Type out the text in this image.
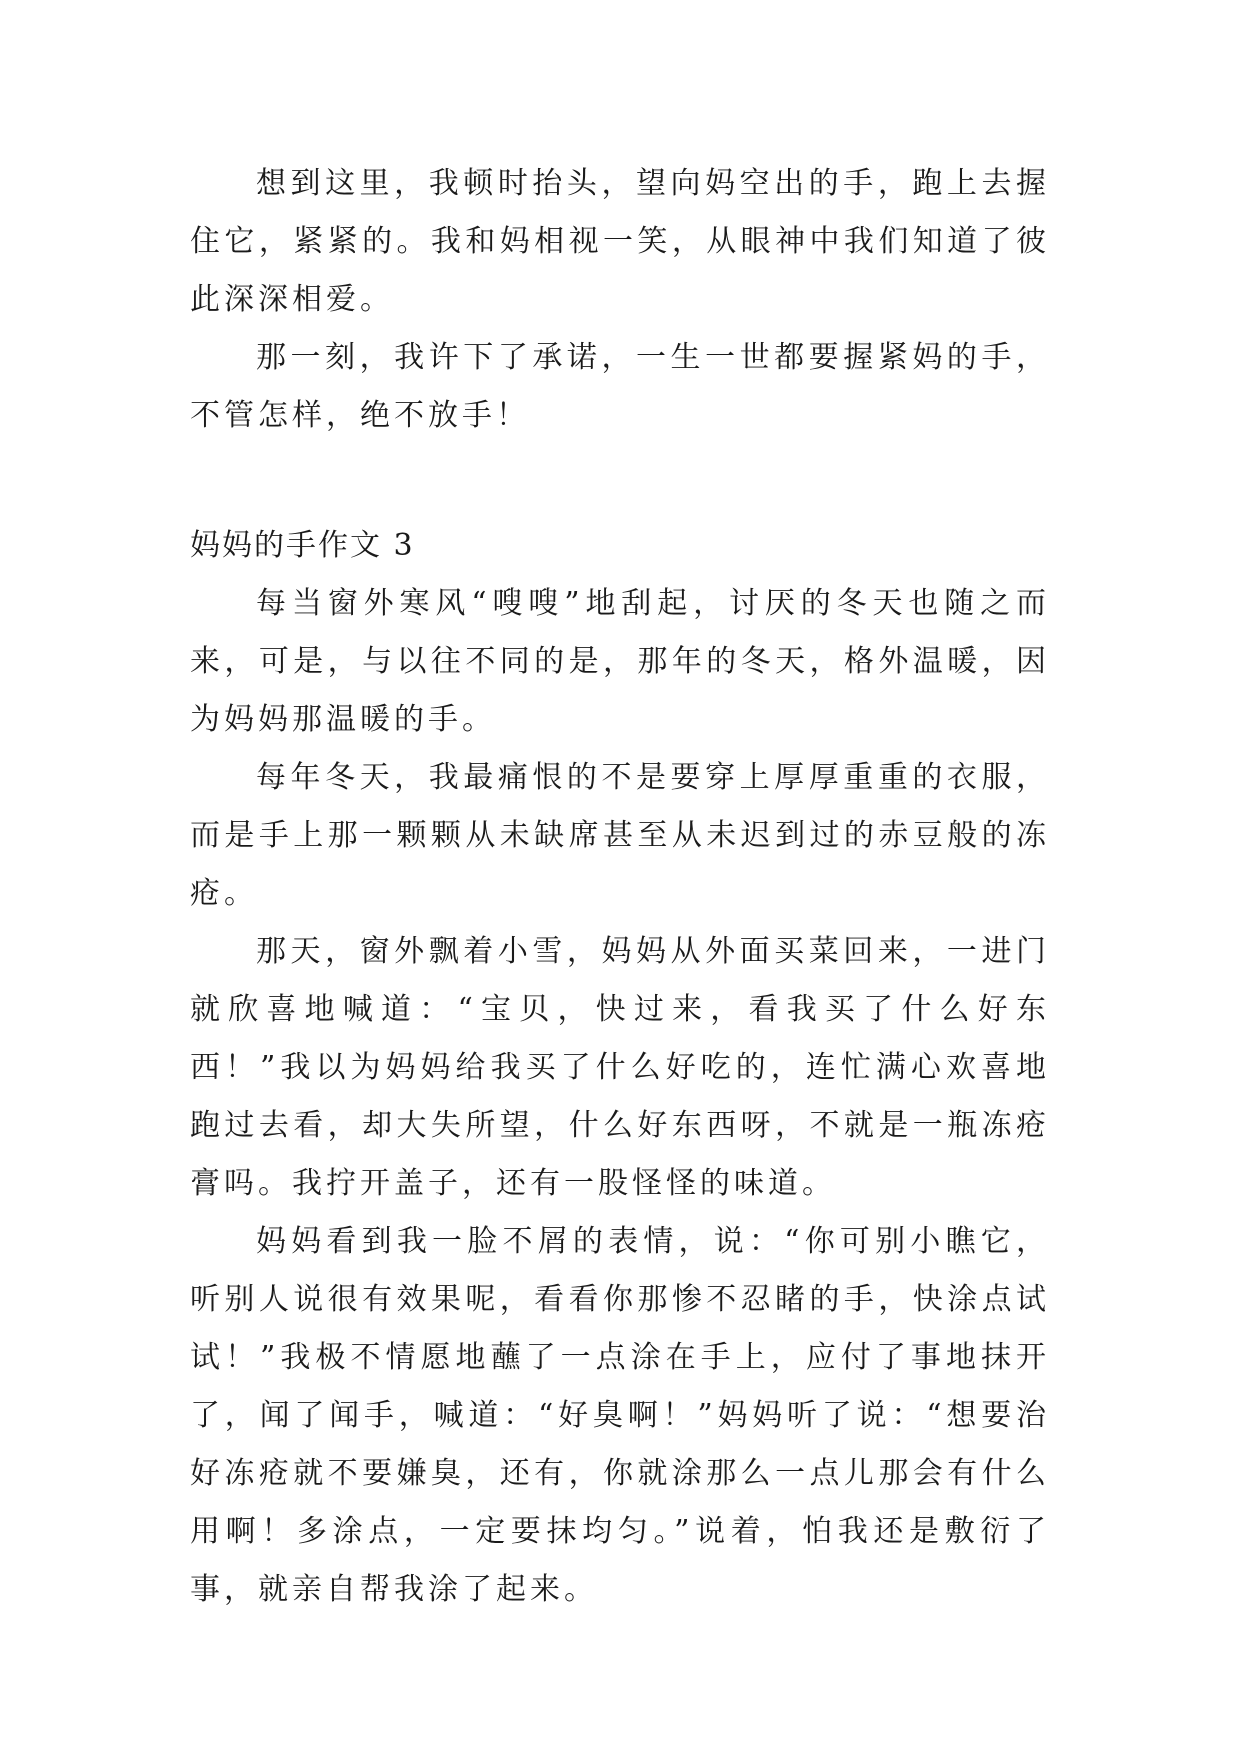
想到这里，我顿时抬头，望向妈空出的手，跑上去握住它，紧紧的。我和妈相视一笑，从眼神中我们知道了彼此深深相爱。

那一刻，我许下了承诺，一生一世都要握紧妈的手，不管怎样，绝不放手！

妈妈的手作文 3

每当窗外寒风“嗖嗖”地刮起，讨厌的冬天也随之而来，可是，与以往不同的是，那年的冬天，格外温暖，因为妈妈那温暖的手。

每年冬天，我最痛恨的不是要穿上厚厚重重的衣服，而是手上那一颗颗从未缺席甚至从未迟到过的赤豆般的冻疮。

那天，窗外飘着小雪，妈妈从外面买菜回来，一进门就欣喜地喊道：“宝贝，快过来，看我买了什么好东西！”我以为妈妈给我买了什么好吃的，连忙满心欢喜地跑过去看，却大失所望，什么好东西呀，不就是一瓶冻疮膏吗。我拧开盖子，还有一股怪怪的味道。

妈妈看到我一脸不屑的表情，说：“你可别小瞧它，听别人说很有效果呢，看看你那惨不忍睹的手，快涂点试试！”我极不情愿地蘸了一点涂在手上，应付了事地抹开了，闻了闻手，喊道：“好臭啊！”妈妈听了说：“想要治好冻疮就不要嫌臭，还有，你就涂那么一点儿那会有什么用啊！多涂点，一定要抹均匀。”说着，怕我还是敷衍了事，就亲自帮我涂了起来。
